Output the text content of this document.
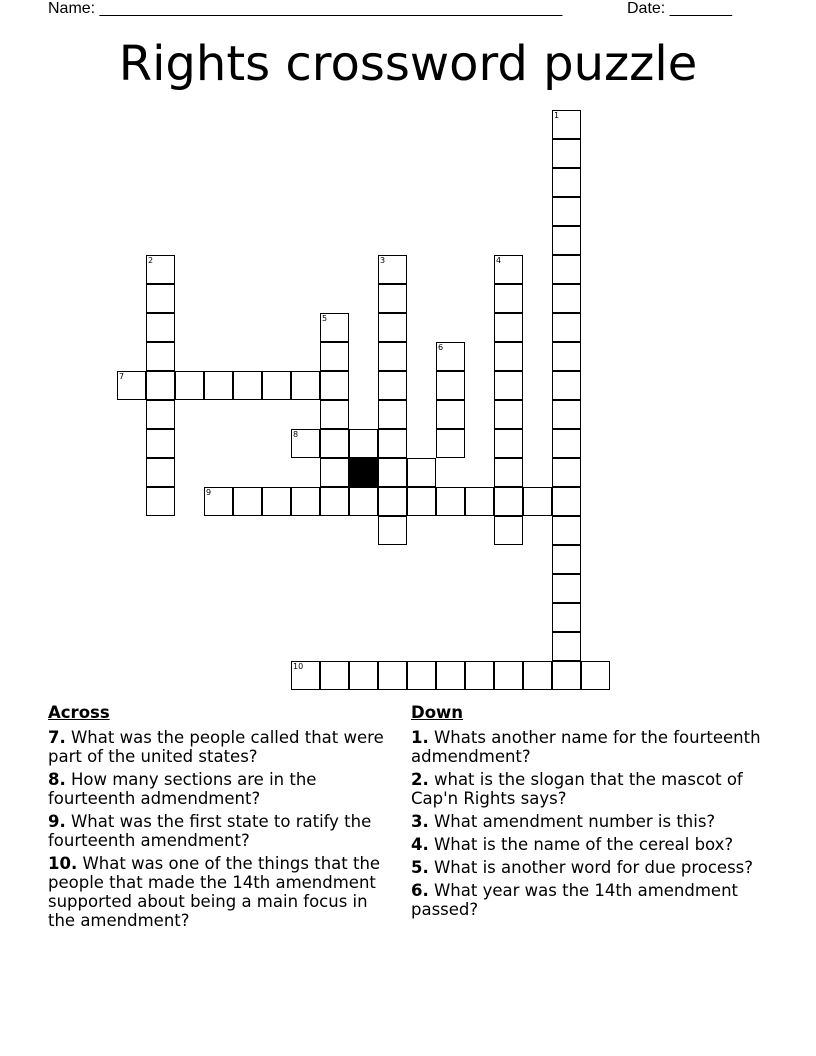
Name: ____________________________________________________	Date: _______
Rights crossword puzzle
1
2	3	4
5
6
7
8
9
10
Across
7. What was the people called that were part of the united states?
8. How many sections are in the fourteenth admendment?
9. What was the first state to ratify the fourteenth amendment?
10. What was one of the things that the people that made the 14th amendment supported about being a main focus in the amendment?
Down
1. Whats another name for the fourteenth admendment?
2. what is the slogan that the mascot of Cap'n Rights says?
3. What amendment number is this?
4. What is the name of the cereal box?
5. What is another word for due process?
6. What year was the 14th amendment passed?
